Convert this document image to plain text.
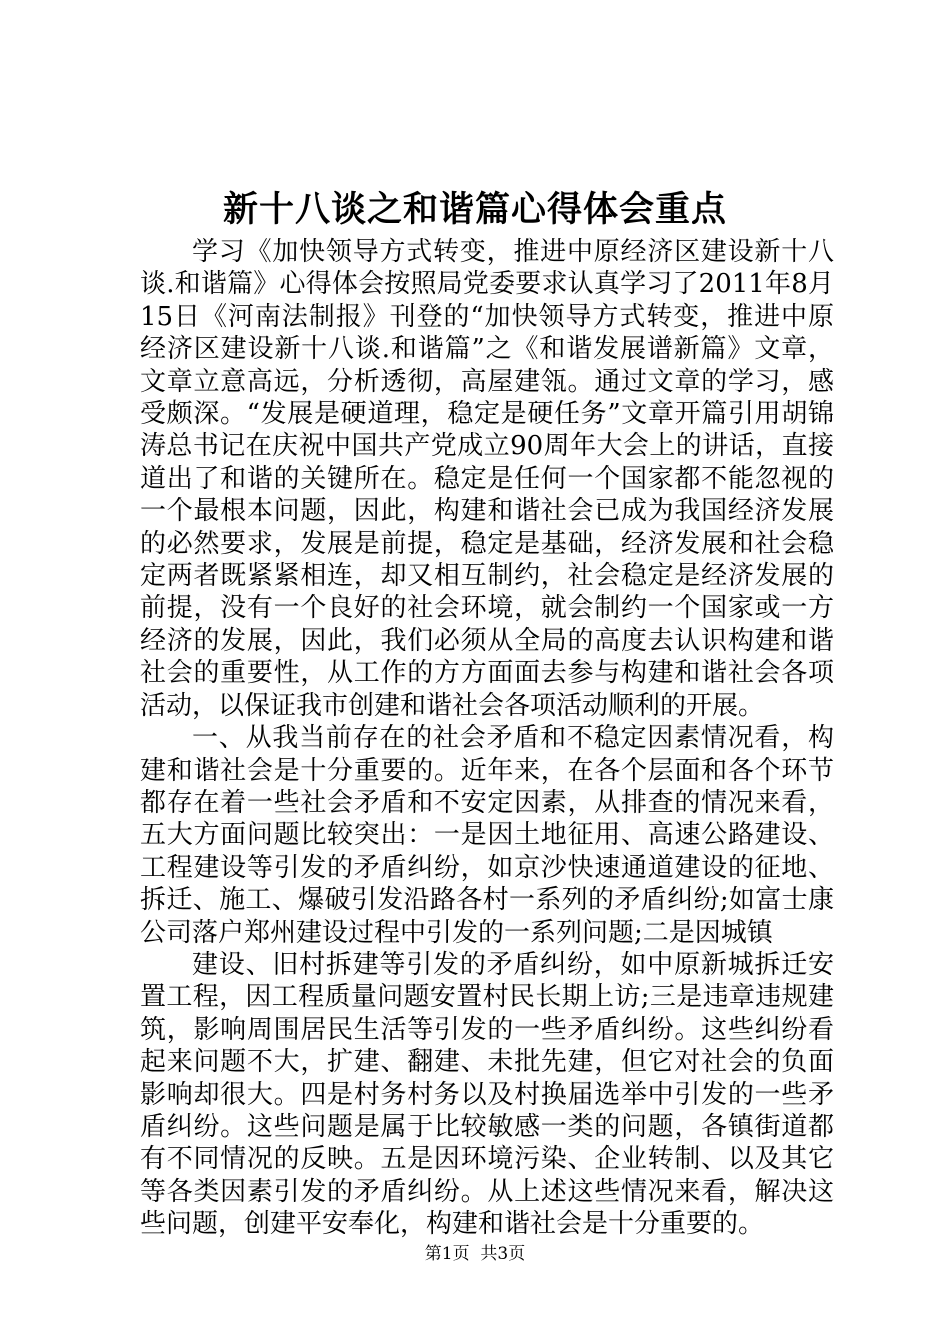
新十八谈之和谐篇心得体会重点

学习《加快领导方式转变，推进中原经济区建设新十八谈.和谐篇》心得体会按照局党委要求认真学习了2011年8月15日《河南法制报》刊登的“加快领导方式转变，推进中原经济区建设新十八谈.和谐篇”之《和谐发展谱新篇》文章，文章立意高远，分析透彻，高屋建瓴。通过文章的学习，感受颇深。“发展是硬道理，稳定是硬任务”文章开篇引用胡锦涛总书记在庆祝中国共产党成立90周年大会上的讲话，直接道出了和谐的关键所在。稳定是任何一个国家都不能忽视的一个最根本问题，因此，构建和谐社会已成为我国经济发展的必然要求，发展是前提，稳定是基础，经济发展和社会稳定两者既紧紧相连，却又相互制约，社会稳定是经济发展的前提，没有一个良好的社会环境，就会制约一个国家或一方经济的发展，因此，我们必须从全局的高度去认识构建和谐社会的重要性，从工作的方方面面去参与构建和谐社会各项活动，以保证我市创建和谐社会各项活动顺利的开展。

一、从我当前存在的社会矛盾和不稳定因素情况看，构建和谐社会是十分重要的。近年来，在各个层面和各个环节都存在着一些社会矛盾和不安定因素，从排查的情况来看，五大方面问题比较突出：一是因土地征用、高速公路建设、工程建设等引发的矛盾纠纷，如京沙快速通道建设的征地、拆迁、施工、爆破引发沿路各村一系列的矛盾纠纷;如富士康公司落户郑州建设过程中引发的一系列问题;二是因城镇

建设、旧村拆建等引发的矛盾纠纷，如中原新城拆迁安置工程，因工程质量问题安置村民长期上访;三是违章违规建筑，影响周围居民生活等引发的一些矛盾纠纷。这些纠纷看起来问题不大，扩建、翻建、未批先建，但它对社会的负面影响却很大。四是村务村务以及村换届选举中引发的一些矛盾纠纷。这些问题是属于比较敏感一类的问题，各镇街道都有不同情况的反映。五是因环境污染、企业转制、以及其它等各类因素引发的矛盾纠纷。从上述这些情况来看，解决这些问题，创建平安奉化，构建和谐社会是十分重要的。

第1页 共3页
